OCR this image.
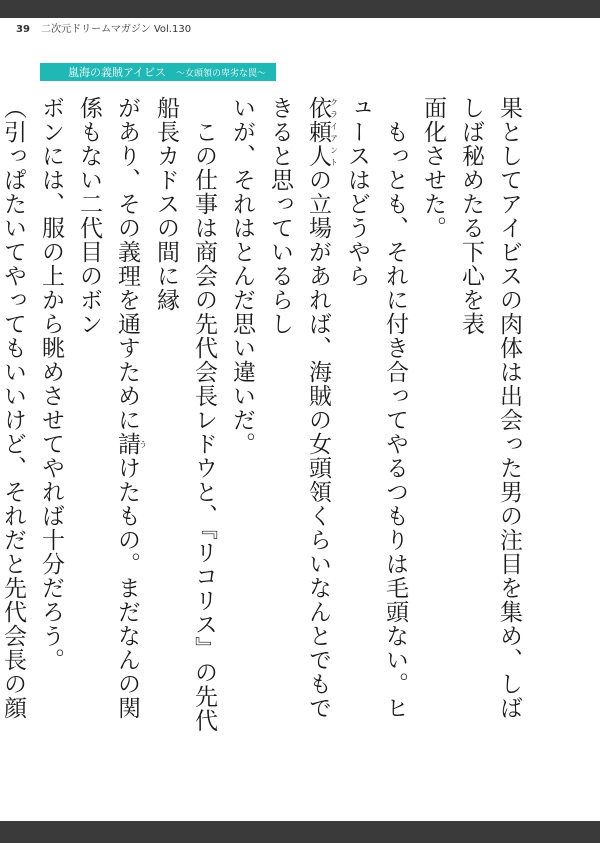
39 二次元ドリームマガジン Vol.130
嵐海の義賊アイビス 〜女頭領の卑劣な罠〜

果としてアイビスの肉体は出会った男の注目を集め、しばしば秘めたる下心を表

面化させた。

　もっとも、それに付き合ってやるつもりは毛頭ない。ヒュースはどうやら

依頼人クライアントの立場があれば、海賊の女頭領くらいなんとでもできると思っているらし

いが、それはとんだ思い違いだ。

　この仕事は商会の先代会長レドウと、『リコリス』の先代船長カドスの間に縁

があり、その義理を通すために請うけたもの。まだなんの関係もない二代目のボン

ボンには、服の上から眺めさせてやれば十分だろう。

（引っぱたいてやってもいいけど、それだと先代会長の顔
